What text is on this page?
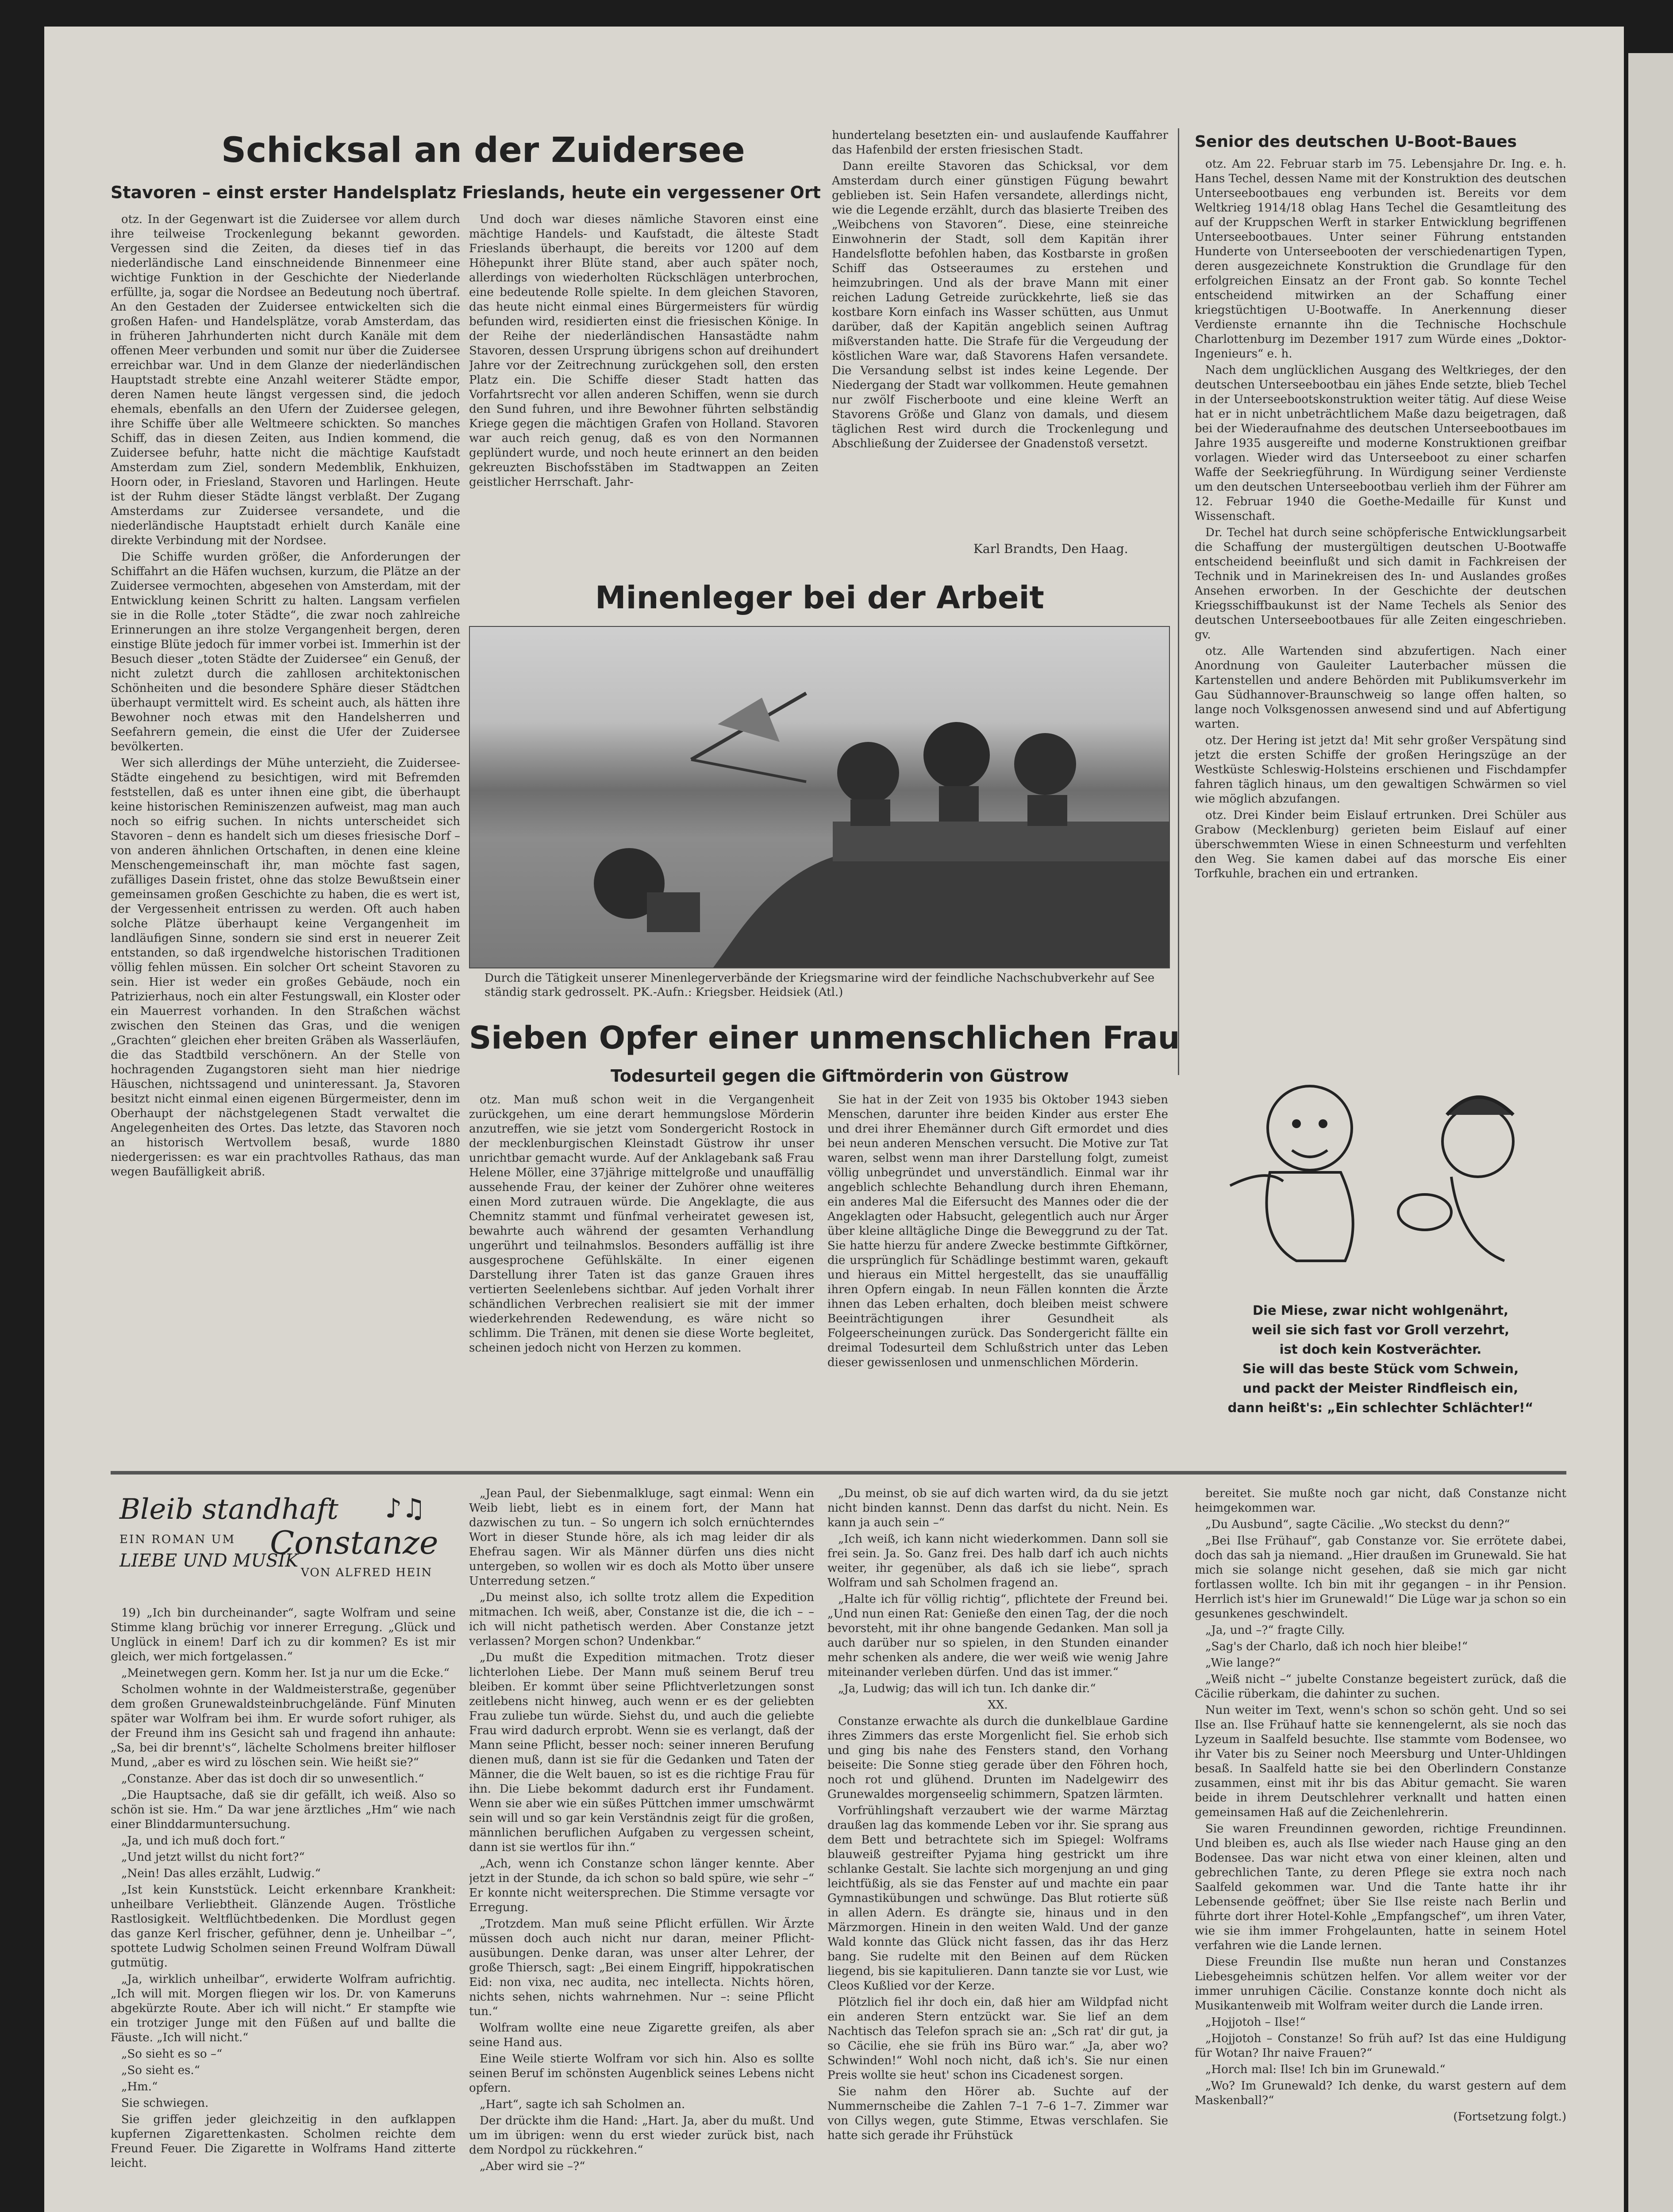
Schicksal an der Zuidersee
Stavoren – einst erster Handelsplatz Frieslands, heute ein vergessener Ort

otz. In der Gegenwart ist die Zuidersee vor allem durch ihre teilweise Trockenlegung bekannt geworden. Vergessen sind die Zeiten, da dieses tief in das niederländische Land einschneidende Binnenmeer eine wichtige Funktion in der Geschichte der Niederlande erfüllte, ja, sogar die Nordsee an Bedeutung noch übertraf. An den Gestaden der Zuidersee entwickelten sich die großen Hafen- und Handelsplätze, vorab Amsterdam, das in früheren Jahrhunderten nicht durch Kanäle mit dem offenen Meer verbunden und somit nur über die Zuidersee erreichbar war. Und in dem Glanze der niederländischen Hauptstadt strebte eine Anzahl weiterer Städte empor, deren Namen heute längst vergessen sind, die jedoch ehemals, ebenfalls an den Ufern der Zuidersee gelegen, ihre Schiffe über alle Weltmeere schickten. So manches Schiff, das in diesen Zeiten, aus Indien kommend, die Zuidersee befuhr, hatte nicht die mächtige Kaufstadt Amsterdam zum Ziel, sondern Medemblik, Enkhuizen, Hoorn oder, in Friesland, Stavoren und Harlingen. Heute ist der Ruhm dieser Städte längst verblaßt. Der Zugang Amsterdams zur Zuidersee versandete, und die niederländische Hauptstadt erhielt durch Kanäle eine direkte Verbindung mit der Nordsee.

Die Schiffe wurden größer, die Anforderungen der Schiffahrt an die Häfen wuchsen, kurzum, die Plätze an der Zuidersee vermochten, abgesehen von Amsterdam, mit der Entwicklung keinen Schritt zu halten. Langsam verfielen sie in die Rolle „toter Städte“, die zwar noch zahlreiche Erinnerungen an ihre stolze Vergangenheit bergen, deren einstige Blüte jedoch für immer vorbei ist. Immerhin ist der Besuch dieser „toten Städte der Zuidersee“ ein Genuß, der nicht zuletzt durch die zahllosen architektonischen Schönheiten und die besondere Sphäre dieser Städtchen überhaupt vermittelt wird. Es scheint auch, als hätten ihre Bewohner noch etwas mit den Handelsherren und Seefahrern gemein, die einst die Ufer der Zuidersee bevölkerten.

Wer sich allerdings der Mühe unterzieht, die Zuidersee-Städte eingehend zu besichtigen, wird mit Befremden feststellen, daß es unter ihnen eine gibt, die überhaupt keine historischen Reminiszenzen aufweist, mag man auch noch so eifrig suchen. In nichts unterscheidet sich Stavoren – denn es handelt sich um dieses friesische Dorf – von anderen ähnlichen Ortschaften, in denen eine kleine Menschengemeinschaft ihr, man möchte fast sagen, zufälliges Dasein fristet, ohne das stolze Bewußtsein einer gemeinsamen großen Geschichte zu haben, die es wert ist, der Vergessenheit entrissen zu werden. Oft auch haben solche Plätze überhaupt keine Vergangenheit im landläufigen Sinne, sondern sie sind erst in neuerer Zeit entstanden, so daß irgendwelche historischen Traditionen völlig fehlen müssen. Ein solcher Ort scheint Stavoren zu sein. Hier ist weder ein großes Gebäude, noch ein Patrizierhaus, noch ein alter Festungswall, ein Kloster oder ein Mauerrest vorhanden. In den Straßchen wächst zwischen den Steinen das Gras, und die wenigen „Grachten“ gleichen eher breiten Gräben als Wasserläufen, die das Stadtbild verschönern. An der Stelle von hochragenden Zugangstoren sieht man hier niedrige Häuschen, nichtssagend und uninteressant. Ja, Stavoren besitzt nicht einmal einen eigenen Bürgermeister, denn im Oberhaupt der nächstgelegenen Stadt verwaltet die Angelegenheiten des Ortes. Das letzte, das Stavoren noch an historisch Wertvollem besaß, wurde 1880 niedergerissen: es war ein prachtvolles Rathaus, das man wegen Baufälligkeit abriß.

Und doch war dieses nämliche Stavoren einst eine mächtige Handels- und Kaufstadt, die älteste Stadt Frieslands überhaupt, die bereits vor 1200 auf dem Höhepunkt ihrer Blüte stand, aber auch später noch, allerdings von wiederholten Rückschlägen unterbrochen, eine bedeutende Rolle spielte. In dem gleichen Stavoren, das heute nicht einmal eines Bürgermeisters für würdig befunden wird, residierten einst die friesischen Könige. In der Reihe der niederländischen Hansastädte nahm Stavoren, dessen Ursprung übrigens schon auf dreihundert Jahre vor der Zeitrechnung zurückgehen soll, den ersten Platz ein. Die Schiffe dieser Stadt hatten das Vorfahrtsrecht vor allen anderen Schiffen, wenn sie durch den Sund fuhren, und ihre Bewohner führten selbständig Kriege gegen die mächtigen Grafen von Holland. Stavoren war auch reich genug, daß es von den Normannen geplündert wurde, und noch heute erinnert an den beiden gekreuzten Bischofsstäben im Stadtwappen an Zeiten geistlicher Herrschaft. Jahr-

hundertelang besetzten ein- und auslaufende Kauffahrer das Hafenbild der ersten friesischen Stadt.

Dann ereilte Stavoren das Schicksal, vor dem Amsterdam durch einer günstigen Fügung bewahrt geblieben ist. Sein Hafen versandete, allerdings nicht, wie die Legende erzählt, durch das blasierte Treiben des „Weibchens von Stavoren“. Diese, eine steinreiche Einwohnerin der Stadt, soll dem Kapitän ihrer Handelsflotte befohlen haben, das Kostbarste in großen Schiff das Ostseeraumes zu erstehen und heimzubringen. Und als der brave Mann mit einer reichen Ladung Getreide zurückkehrte, ließ sie das kostbare Korn einfach ins Wasser schütten, aus Unmut darüber, daß der Kapitän angeblich seinen Auftrag mißverstanden hatte. Die Strafe für die Vergeudung der köstlichen Ware war, daß Stavorens Hafen versandete. Die Versandung selbst ist indes keine Legende. Der Niedergang der Stadt war vollkommen. Heute gemahnen nur zwölf Fischerboote und eine kleine Werft an Stavorens Größe und Glanz von damals, und diesem täglichen Rest wird durch die Trockenlegung und Abschließung der Zuidersee der Gnadenstoß versetzt.

Karl Brandts, Den Haag.
Minenleger bei der Arbeit
Durch die Tätigkeit unserer Minenlegerverbände der Kriegsmarine wird der feindliche Nachschubverkehr auf See ständig stark gedrosselt. PK.-Aufn.: Kriegsber. Heidsiek (Atl.)
Sieben Opfer einer unmenschlichen Frau
Todesurteil gegen die Giftmörderin von Güstrow

otz. Man muß schon weit in die Vergangenheit zurückgehen, um eine derart hemmungslose Mörderin anzutreffen, wie sie jetzt vom Sondergericht Rostock in der mecklenburgischen Kleinstadt Güstrow ihr unser unrichtbar gemacht wurde. Auf der Anklagebank saß Frau Helene Möller, eine 37jährige mittelgroße und unauffällig aussehende Frau, der keiner der Zuhörer ohne weiteres einen Mord zutrauen würde. Die Angeklagte, die aus Chemnitz stammt und fünfmal verheiratet gewesen ist, bewahrte auch während der gesamten Verhandlung ungerührt und teilnahmslos. Besonders auffällig ist ihre ausgesprochene Gefühlskälte. In einer eigenen Darstellung ihrer Taten ist das ganze Grauen ihres vertierten Seelenlebens sichtbar. Auf jeden Vorhalt ihrer schändlichen Verbrechen realisiert sie mit der immer wiederkehrenden Redewendung, es wäre nicht so schlimm. Die Tränen, mit denen sie diese Worte begleitet, scheinen jedoch nicht von Herzen zu kommen.

Sie hat in der Zeit von 1935 bis Oktober 1943 sieben Menschen, darunter ihre beiden Kinder aus erster Ehe und drei ihrer Ehemänner durch Gift ermordet und dies bei neun anderen Menschen versucht. Die Motive zur Tat waren, selbst wenn man ihrer Darstellung folgt, zumeist völlig unbegründet und unverständlich. Einmal war ihr angeblich schlechte Behandlung durch ihren Ehemann, ein anderes Mal die Eifersucht des Mannes oder die der Angeklagten oder Habsucht, gelegentlich auch nur Ärger über kleine alltägliche Dinge die Beweggrund zu der Tat. Sie hatte hierzu für andere Zwecke bestimmte Giftkörner, die ursprünglich für Schädlinge bestimmt waren, gekauft und hieraus ein Mittel hergestellt, das sie unauffällig ihren Opfern eingab. In neun Fällen konnten die Ärzte ihnen das Leben erhalten, doch bleiben meist schwere Beeinträchtigungen ihrer Gesundheit als Folgeerscheinungen zurück. Das Sondergericht fällte ein dreimal Todesurteil dem Schlußstrich unter das Leben dieser gewissenlosen und unmenschlichen Mörderin.

Senior des deutschen U-Boot-Baues

otz. Am 22. Februar starb im 75. Lebensjahre Dr. Ing. e. h. Hans Techel, dessen Name mit der Konstruktion des deutschen Unterseebootbaues eng verbunden ist. Bereits vor dem Weltkrieg 1914/18 oblag Hans Techel die Gesamtleitung des auf der Kruppschen Werft in starker Entwicklung begriffenen Unterseebootbaues. Unter seiner Führung entstanden Hunderte von Unterseebooten der verschiedenartigen Typen, deren ausgezeichnete Konstruktion die Grundlage für den erfolgreichen Einsatz an der Front gab. So konnte Techel entscheidend mitwirken an der Schaffung einer kriegstüchtigen U-Bootwaffe. In Anerkennung dieser Verdienste ernannte ihn die Technische Hochschule Charlottenburg im Dezember 1917 zum Würde eines „Doktor-Ingenieurs“ e. h.

Nach dem unglücklichen Ausgang des Weltkrieges, der den deutschen Unterseebootbau ein jähes Ende setzte, blieb Techel in der Unterseebootskonstruktion weiter tätig. Auf diese Weise hat er in nicht unbeträchtlichem Maße dazu beigetragen, daß bei der Wiederaufnahme des deutschen Unterseebootbaues im Jahre 1935 ausgereifte und moderne Konstruktionen greifbar vorlagen. Wieder wird das Unterseeboot zu einer scharfen Waffe der Seekriegführung. In Würdigung seiner Verdienste um den deutschen Unterseebootbau verlieh ihm der Führer am 12. Februar 1940 die Goethe-Medaille für Kunst und Wissenschaft.

Dr. Techel hat durch seine schöpferische Entwicklungsarbeit die Schaffung der mustergültigen deutschen U-Bootwaffe entscheidend beeinflußt und sich damit in Fachkreisen der Technik und in Marinekreisen des In- und Auslandes großes Ansehen erworben. In der Geschichte der deutschen Kriegsschiffbaukunst ist der Name Techels als Senior des deutschen Unterseebootbaues für alle Zeiten eingeschrieben. gv.

otz. Alle Wartenden sind abzufertigen. Nach einer Anordnung von Gauleiter Lauterbacher müssen die Kartenstellen und andere Behörden mit Publikumsverkehr im Gau Südhannover-Braunschweig so lange offen halten, so lange noch Volksgenossen anwesend sind und auf Abfertigung warten.

otz. Der Hering ist jetzt da! Mit sehr großer Verspätung sind jetzt die ersten Schiffe der großen Heringszüge an der Westküste Schleswig-Holsteins erschienen und Fischdampfer fahren täglich hinaus, um den gewaltigen Schwärmen so viel wie möglich abzufangen.

otz. Drei Kinder beim Eislauf ertrunken. Drei Schüler aus Grabow (Mecklenburg) gerieten beim Eislauf auf einer überschwemmten Wiese in einen Schneesturm und verfehlten den Weg. Sie kamen dabei auf das morsche Eis einer Torfkuhle, brachen ein und ertranken.

Die Miese, zwar nicht wohlgenährt,
weil sie sich fast vor Groll verzehrt,
ist doch kein Kostverächter.
Sie will das beste Stück vom Schwein,
und packt der Meister Rindfleisch ein,
dann heißt's: „Ein schlechter Schlächter!“
Bleib standhaft
Constanze
EIN ROMAN UM
LIEBE UND MUSIK
VON ALFRED HEIN
♪♫

19) „Ich bin durcheinander“, sagte Wolfram und seine Stimme klang brüchig vor innerer Erregung. „Glück und Unglück in einem! Darf ich zu dir kommen? Es ist mir gleich, wer mich fortgelassen.“

„Meinetwegen gern. Komm her. Ist ja nur um die Ecke.“

Scholmen wohnte in der Waldmeisterstraße, gegenüber dem großen Grunewaldsteinbruchgelände. Fünf Minuten später war Wolfram bei ihm. Er wurde sofort ruhiger, als der Freund ihm ins Gesicht sah und fragend ihn anhaute: „Sa, bei dir brennt's“, lächelte Scholmens breiter hilfloser Mund, „aber es wird zu löschen sein. Wie heißt sie?“

„Constanze. Aber das ist doch dir so unwesentlich.“

„Die Hauptsache, daß sie dir gefällt, ich weiß. Also so schön ist sie. Hm.“ Da war jene ärztliches „Hm“ wie nach einer Blinddarmuntersuchung.

„Ja, und ich muß doch fort.“

„Und jetzt willst du nicht fort?“

„Nein! Das alles erzählt, Ludwig.“

„Ist kein Kunststück. Leicht erkennbare Krankheit: unheilbare Verliebtheit. Glänzende Augen. Tröstliche Rastlosigkeit. Weltflüchtbedenken. Die Mordlust gegen das ganze Kerl frischer, gefühner, denn je. Unheilbar –“, spottete Ludwig Scholmen seinen Freund Wolfram Düwall gutmütig.

„Ja, wirklich unheilbar“, erwiderte Wolfram aufrichtig. „Ich will mit. Morgen fliegen wir los. Dr. von Kameruns abgekürzte Route. Aber ich will nicht.“ Er stampfte wie ein trotziger Junge mit den Füßen auf und ballte die Fäuste. „Ich will nicht.“

„So sieht es so –“

„So sieht es.“

„Hm.“

Sie schwiegen.

Sie griffen jeder gleichzeitig in den aufklappen kupfernen Zigarettenkasten. Scholmen reichte dem Freund Feuer. Die Zigarette in Wolframs Hand zitterte leicht.

„Jean Paul, der Siebenmalkluge, sagt einmal: Wenn ein Weib liebt, liebt es in einem fort, der Mann hat dazwischen zu tun. – So ungern ich solch ernüchterndes Wort in dieser Stunde höre, als ich mag leider dir als Ehefrau sagen. Wir als Männer dürfen uns dies nicht untergeben, so wollen wir es doch als Motto über unsere Unterredung setzen.“

„Du meinst also, ich sollte trotz allem die Expedition mitmachen. Ich weiß, aber, Constanze ist die, die ich – – ich will nicht pathetisch werden. Aber Constanze jetzt verlassen? Morgen schon? Undenkbar.“

„Du mußt die Expedition mitmachen. Trotz dieser lichterlohen Liebe. Der Mann muß seinem Beruf treu bleiben. Er kommt über seine Pflichtverletzungen sonst zeitlebens nicht hinweg, auch wenn er es der geliebten Frau zuliebe tun würde. Siehst du, und auch die geliebte Frau wird dadurch erprobt. Wenn sie es verlangt, daß der Mann seine Pflicht, besser noch: seiner inneren Berufung dienen muß, dann ist sie für die Gedanken und Taten der Männer, die die Welt bauen, so ist es die richtige Frau für ihn. Die Liebe bekommt dadurch erst ihr Fundament. Wenn sie aber wie ein süßes Püttchen immer umschwärmt sein will und so gar kein Verständnis zeigt für die großen, männlichen beruflichen Aufgaben zu vergessen scheint, dann ist sie wertlos für ihn.“

„Ach, wenn ich Constanze schon länger kennte. Aber jetzt in der Stunde, da ich schon so bald spüre, wie sehr –“ Er konnte nicht weitersprechen. Die Stimme versagte vor Erregung.

„Trotzdem. Man muß seine Pflicht erfüllen. Wir Ärzte müssen doch auch nicht nur daran, meiner Pflicht-ausübungen. Denke daran, was unser alter Lehrer, der große Thiersch, sagt: „Bei einem Eingriff, hippokratischen Eid: non vixa, nec audita, nec intellecta. Nichts hören, nichts sehen, nichts wahrnehmen. Nur –: seine Pflicht tun.“

Wolfram wollte eine neue Zigarette greifen, als aber seine Hand aus.

Eine Weile stierte Wolfram vor sich hin. Also es sollte seinen Beruf im schönsten Augenblick seines Lebens nicht opfern.

„Hart“, sagte ich sah Scholmen an.

Der drückte ihm die Hand: „Hart. Ja, aber du mußt. Und um im übrigen: wenn du erst wieder zurück bist, nach dem Nordpol zu rückkehren.“

„Aber wird sie –?“

„Du meinst, ob sie auf dich warten wird, da du sie jetzt nicht binden kannst. Denn das darfst du nicht. Nein. Es kann ja auch sein –“

„Ich weiß, ich kann nicht wiederkommen. Dann soll sie frei sein. Ja. So. Ganz frei. Des halb darf ich auch nichts weiter, ihr gegenüber, als daß ich sie liebe“, sprach Wolfram und sah Scholmen fragend an.

„Halte ich für völlig richtig“, pflichtete der Freund bei. „Und nun einen Rat: Genieße den einen Tag, der die noch bevorsteht, mit ihr ohne bangende Gedanken. Man soll ja auch darüber nur so spielen, in den Stunden einander mehr schenken als andere, die wer weiß wie wenig Jahre miteinander verleben dürfen. Und das ist immer.“

„Ja, Ludwig; das will ich tun. Ich danke dir.“

XX.

Constanze erwachte als durch die dunkelblaue Gardine ihres Zimmers das erste Morgenlicht fiel. Sie erhob sich und ging bis nahe des Fensters stand, den Vorhang beiseite: Die Sonne stieg gerade über den Föhren hoch, noch rot und glühend. Drunten im Nadelgewirr des Grunewaldes morgenseelig schimmern, Spatzen lärmten.

Vorfrühlingshaft verzaubert wie der warme Märztag draußen lag das kommende Leben vor ihr. Sie sprang aus dem Bett und betrachtete sich im Spiegel: Wolframs blauweiß gestreifter Pyjama hing gestrickt um ihre schlanke Gestalt. Sie lachte sich morgenjung an und ging leichtfüßig, als sie das Fenster auf und machte ein paar Gymnastikübungen und schwünge. Das Blut rotierte süß in allen Adern. Es drängte sie, hinaus und in den Märzmorgen. Hinein in den weiten Wald. Und der ganze Wald konnte das Glück nicht fassen, das ihr das Herz bang. Sie rudelte mit den Beinen auf dem Rücken liegend, bis sie kapitulieren. Dann tanzte sie vor Lust, wie Cleos Kußlied vor der Kerze.

Plötzlich fiel ihr doch ein, daß hier am Wildpfad nicht ein anderen Stern entzückt war. Sie lief an dem Nachtisch das Telefon sprach sie an: „Sch rat' dir gut, ja so Cäcilie, ehe sie früh ins Büro war.“ „Ja, aber wo? Schwinden!“ Wohl noch nicht, daß ich's. Sie nur einen Preis wollte sie heut' schon ins Cicadenest sorgen.

Sie nahm den Hörer ab. Suchte auf der Nummernscheibe die Zahlen 7–1 7–6 1–7. Zimmer war von Cillys wegen, gute Stimme, Etwas verschlafen. Sie hatte sich gerade ihr Frühstück

bereitet. Sie mußte noch gar nicht, daß Constanze nicht heimgekommen war.

„Du Ausbund“, sagte Cäcilie. „Wo steckst du denn?“

„Bei Ilse Frühauf“, gab Constanze vor. Sie errötete dabei, doch das sah ja niemand. „Hier draußen im Grunewald. Sie hat mich sie solange nicht gesehen, daß sie mich gar nicht fortlassen wollte. Ich bin mit ihr gegangen – in ihr Pension. Herrlich ist's hier im Grunewald!“ Die Lüge war ja schon so ein gesunkenes geschwindelt.

„Ja, und –?“ fragte Cilly.

„Sag's der Charlo, daß ich noch hier bleibe!“

„Wie lange?“

„Weiß nicht –“ jubelte Constanze begeistert zurück, daß die Cäcilie rüberkam, die dahinter zu suchen.

Nun weiter im Text, wenn's schon so schön geht. Und so sei Ilse an. Ilse Frühauf hatte sie kennengelernt, als sie noch das Lyzeum in Saalfeld besuchte. Ilse stammte vom Bodensee, wo ihr Vater bis zu Seiner noch Meersburg und Unter-Uhldingen besaß. In Saalfeld hatte sie bei den Oberlindern Constanze zusammen, einst mit ihr bis das Abitur gemacht. Sie waren beide in ihrem Deutschlehrer verknallt und hatten einen gemeinsamen Haß auf die Zeichenlehrerin.

Sie waren Freundinnen geworden, richtige Freundinnen. Und bleiben es, auch als Ilse wieder nach Hause ging an den Bodensee. Das war nicht etwa von einer kleinen, alten und gebrechlichen Tante, zu deren Pflege sie extra noch nach Saalfeld gekommen war. Und die Tante hatte ihr ihr Lebensende geöffnet; über Sie Ilse reiste nach Berlin und führte dort ihrer Hotel-Kohle „Empfangschef“, um ihren Vater, wie sie ihm immer Frohgelaunten, hatte in seinem Hotel verfahren wie die Lande lernen.

Diese Freundin Ilse mußte nun heran und Constanzes Liebesgeheimnis schützen helfen. Vor allem weiter vor der immer unruhigen Cäcilie. Constanze konnte doch nicht als Musikantenweib mit Wolfram weiter durch die Lande irren.

„Hojjotoh – Ilse!“

„Hojjotoh – Constanze! So früh auf? Ist das eine Huldigung für Wotan? Ihr naive Frauen?“

„Horch mal: Ilse! Ich bin im Grunewald.“

„Wo? Im Grunewald? Ich denke, du warst gestern auf dem Maskenball?“

(Fortsetzung folgt.)
